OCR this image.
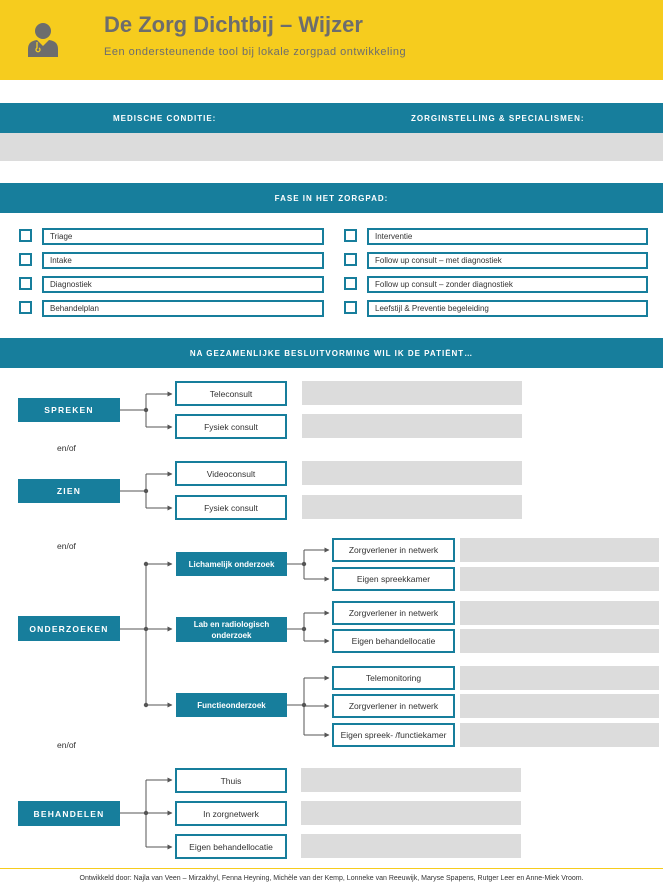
De Zorg Dichtbij – Wijzer
Een ondersteunende tool bij lokale zorgpad ontwikkeling
MEDISCHE CONDITIE:	ZORGINSTELLING & SPECIALISMEN:
FASE IN HET ZORGPAD:
Triage
Intake
Diagnostiek
Behandelplan
Interventie
Follow up consult – met diagnostiek
Follow up consult – zonder diagnostiek
Leefstijl & Preventie begeleiding
NA GEZAMENLIJKE BESLUITVORMING WIL IK DE PATIËNT…
SPREKEN
Teleconsult
Fysiek consult
en/of
ZIEN
Videoconsult
Fysiek consult
en/of
ONDERZOEKEN
Lichamelijk onderzoek
Zorgverlener in netwerk
Eigen spreekkamer
Lab en radiologisch onderzoek
Zorgverlener in netwerk
Eigen behandellocatie
Functieonderzoek
Telemonitoring
Zorgverlener in netwerk
Eigen spreek- /functiekamer
en/of
BEHANDELEN
Thuis
In zorgnetwerk
Eigen behandellocatie
Ontwikkeld door: Najla van Veen – Mirzakhyl, Fenna Heyning, Michèle van der Kemp, Lonneke van Reeuwijk, Maryse Spapens, Rutger Leer en Anne-Miek Vroom.
